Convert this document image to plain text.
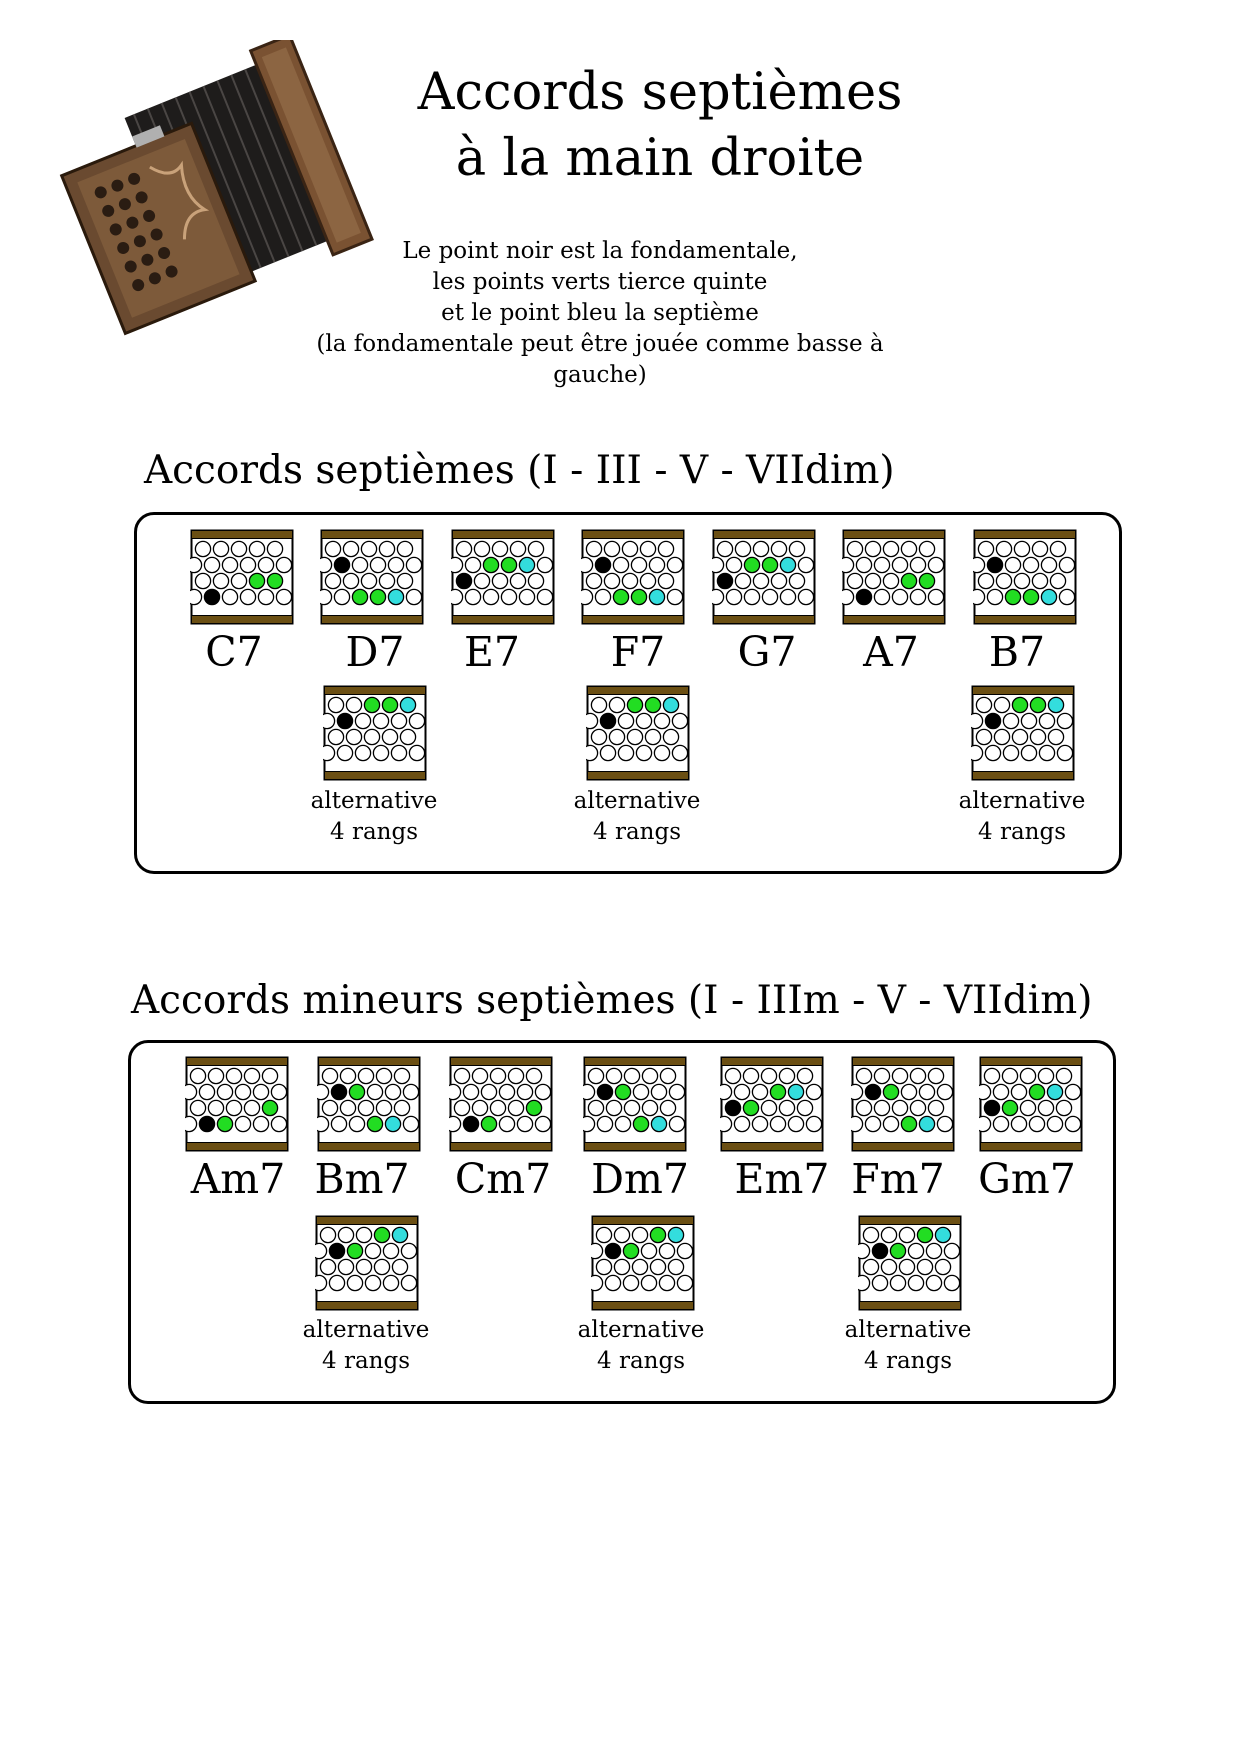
Accords septièmes
à la main droite
Le point noir est la fondamentale,
les points verts tierce quinte
et le point bleu la septième
(la fondamentale peut être jouée comme basse à gauche)
Accords septièmes (I - III - V - VIIdim)
C7	D7	E7	F7	G7	A7	B7
alternative
4 rangs
alternative
4 rangs
alternative
4 rangs
Accords mineurs septièmes (I - IIIm - V - VIIdim)
Am7 Bm7	Cm7 Dm7	Em7 Fm7 Gm7
alternative
4 rangs
alternative
4 rangs
alternative
4 rangs
